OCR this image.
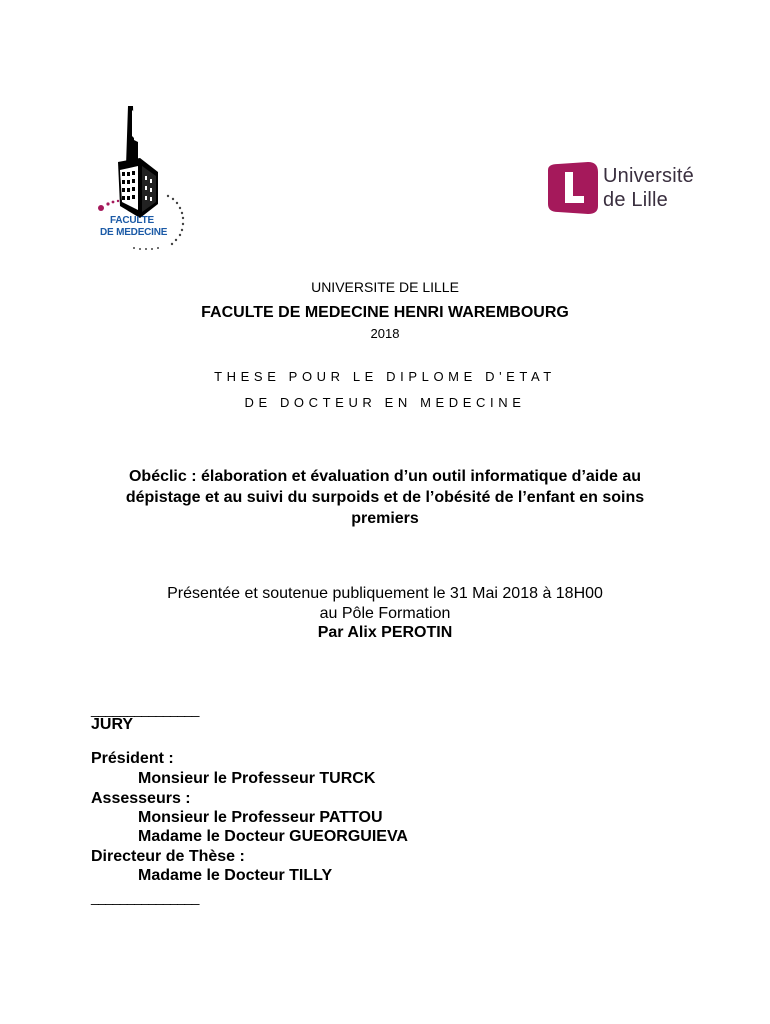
FACULTE
DE MEDECINE
Université
de Lille
UNIVERSITE DE LILLE
FACULTE DE MEDECINE HENRI WAREMBOURG
2018
THESE POUR LE DIPLOME D'ETAT
DE DOCTEUR EN MEDECINE
Obéclic : élaboration et évaluation d’un outil informatique d’aide au
dépistage et au suivi du surpoids et de l’obésité de l’enfant en soins
premiers
Présentée et soutenue publiquement le 31 Mai 2018 à 18H00
au Pôle Formation
Par Alix PEROTIN
_______________
JURY
Président :
Monsieur le Professeur TURCK
Assesseurs :
Monsieur le Professeur PATTOU
Madame le Docteur GUEORGUIEVA
Directeur de Thèse :
Madame le Docteur TILLY
_______________
